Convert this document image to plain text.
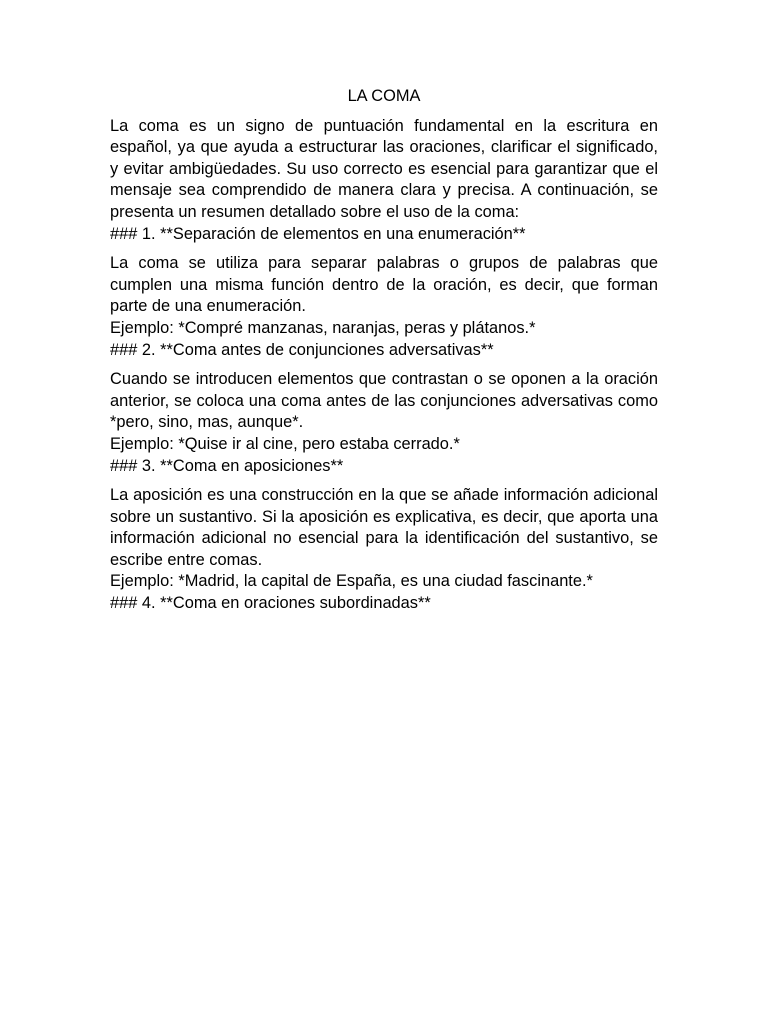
LA COMA

La coma es un signo de puntuación fundamental en la escritura en español, ya que ayuda a estructurar las oraciones, clarificar el significado, y evitar ambigüedades. Su uso correcto es esencial para garantizar que el mensaje sea comprendido de manera clara y precisa. A continuación, se presenta un resumen detallado sobre el uso de la coma:

### 1. **Separación de elementos en una enumeración**

La coma se utiliza para separar palabras o grupos de palabras que cumplen una misma función dentro de la oración, es decir, que forman parte de una enumeración.

Ejemplo: *Compré manzanas, naranjas, peras y plátanos.*

### 2. **Coma antes de conjunciones adversativas**

Cuando se introducen elementos que contrastan o se oponen a la oración anterior, se coloca una coma antes de las conjunciones adversativas como *pero, sino, mas, aunque*.

Ejemplo: *Quise ir al cine, pero estaba cerrado.*

### 3. **Coma en aposiciones**

La aposición es una construcción en la que se añade información adicional sobre un sustantivo. Si la aposición es explicativa, es decir, que aporta una información adicional no esencial para la identificación del sustantivo, se escribe entre comas.

Ejemplo: *Madrid, la capital de España, es una ciudad fascinante.*

### 4. **Coma en oraciones subordinadas**
